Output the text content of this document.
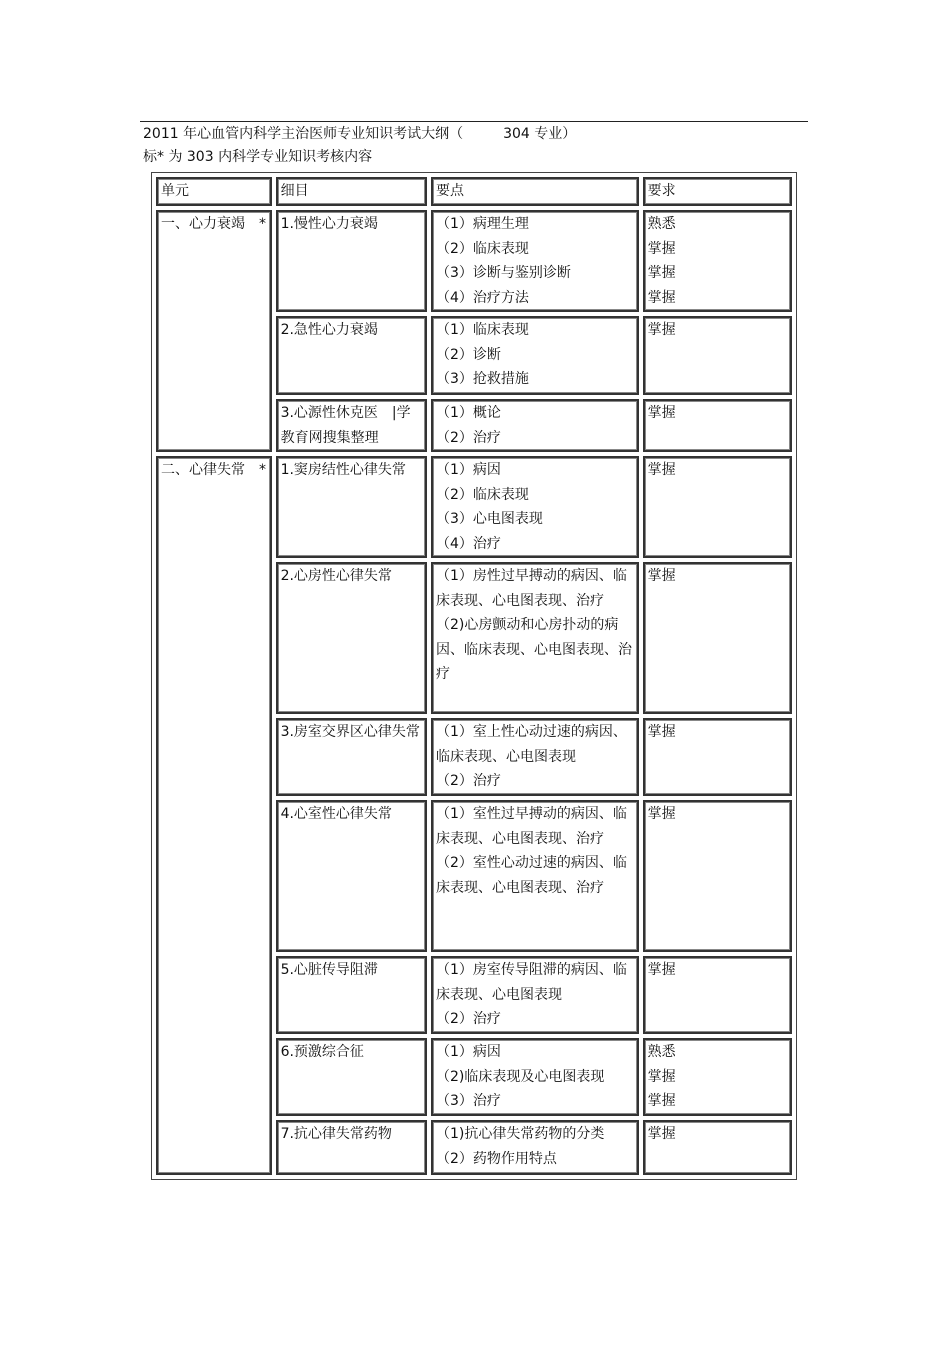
2011 年心血管内科学主治医师专业知识考试大纲（	304 专业）
标* 为 303 内科学专业知识考核内容
单元	细目	要点	要求
一、心力衰竭　*	1.慢性心力衰竭	（1）病理生理
（2）临床表现
（3）诊断与鉴别诊断
（4）治疗方法	熟悉
掌握
掌握
掌握

	2.急性心力衰竭	（1）临床表现
（2）诊断
（3）抢救措施	掌握
	3.心源性休克医　|学教育网搜集整理	（1）概论
（2）治疗	掌握
二、心律失常　*	1.窦房结性心律失常	（1）病因
（2）临床表现
（3）心电图表现
（4）治疗	掌握
	2.心房性心律失常	（1）房性过早搏动的病因、临床表现、心电图表现、治疗
（2)心房颤动和心房扑动的病因、临床表现、心电图表现、治疗	掌握
	3.房室交界区心律失常	（1）室上性心动过速的病因、临床表现、心电图表现
（2）治疗	掌握
	4.心室性心律失常	（1）室性过早搏动的病因、临床表现、心电图表现、治疗
（2）室性心动过速的病因、临床表现、心电图表现、治疗	掌握
	5.心脏传导阻滞	（1）房室传导阻滞的病因、临床表现、心电图表现
（2）治疗	掌握
	6.预激综合征	（1）病因
（2)临床表现及心电图表现
（3）治疗	熟悉
掌握
掌握

	7.抗心律失常药物	（1)抗心律失常药物的分类
（2）药物作用特点	掌握
